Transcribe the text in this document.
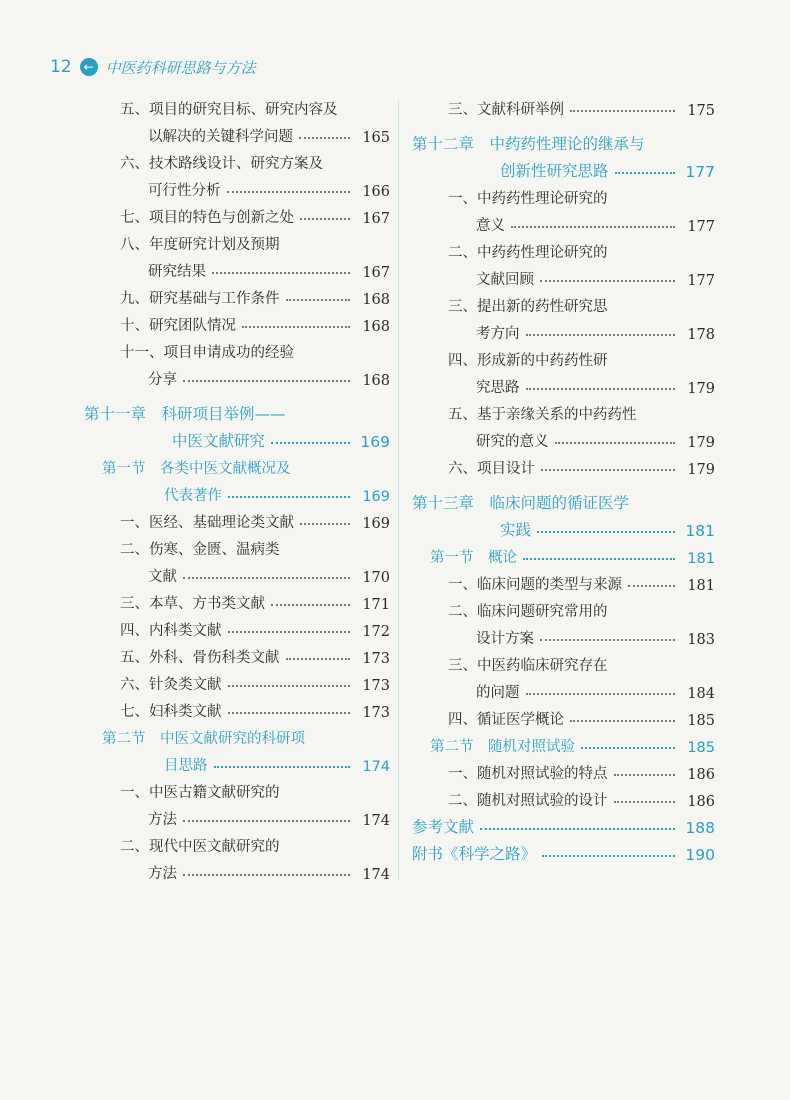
12 ← 中医药科研思路与方法
五、项目的研究目标、研究内容及
以解决的关键科学问题	165
六、技术路线设计、研究方案及
可行性分析	166
七、项目的特色与创新之处	167
八、年度研究计划及预期
研究结果	167
九、研究基础与工作条件	168
十、研究团队情况	168
十一、项目申请成功的经验
分享	168
第十一章　科研项目举例——
中医文献研究	169
第一节　各类中医文献概况及
代表著作	169
一、医经、基础理论类文献	169
二、伤寒、金匮、温病类
文献	170
三、本草、方书类文献	171
四、内科类文献	172
五、外科、骨伤科类文献	173
六、针灸类文献	173
七、妇科类文献	173
第二节　中医文献研究的科研项
目思路	174
一、中医古籍文献研究的
方法	174
二、现代中医文献研究的
方法	174
三、文献科研举例	175
第十二章　中药药性理论的继承与
创新性研究思路	177
一、中药药性理论研究的
意义	177
二、中药药性理论研究的
文献回顾	177
三、提出新的药性研究思
考方向	178
四、形成新的中药药性研
究思路	179
五、基于亲缘关系的中药药性
研究的意义	179
六、项目设计	179
第十三章　临床问题的循证医学
实践	181
第一节　概论	181
一、临床问题的类型与来源	181
二、临床问题研究常用的
设计方案	183
三、中医药临床研究存在
的问题	184
四、循证医学概论	185
第二节　随机对照试验	185
一、随机对照试验的特点	186
二、随机对照试验的设计	186
参考文献	188
附书《科学之路》	190
